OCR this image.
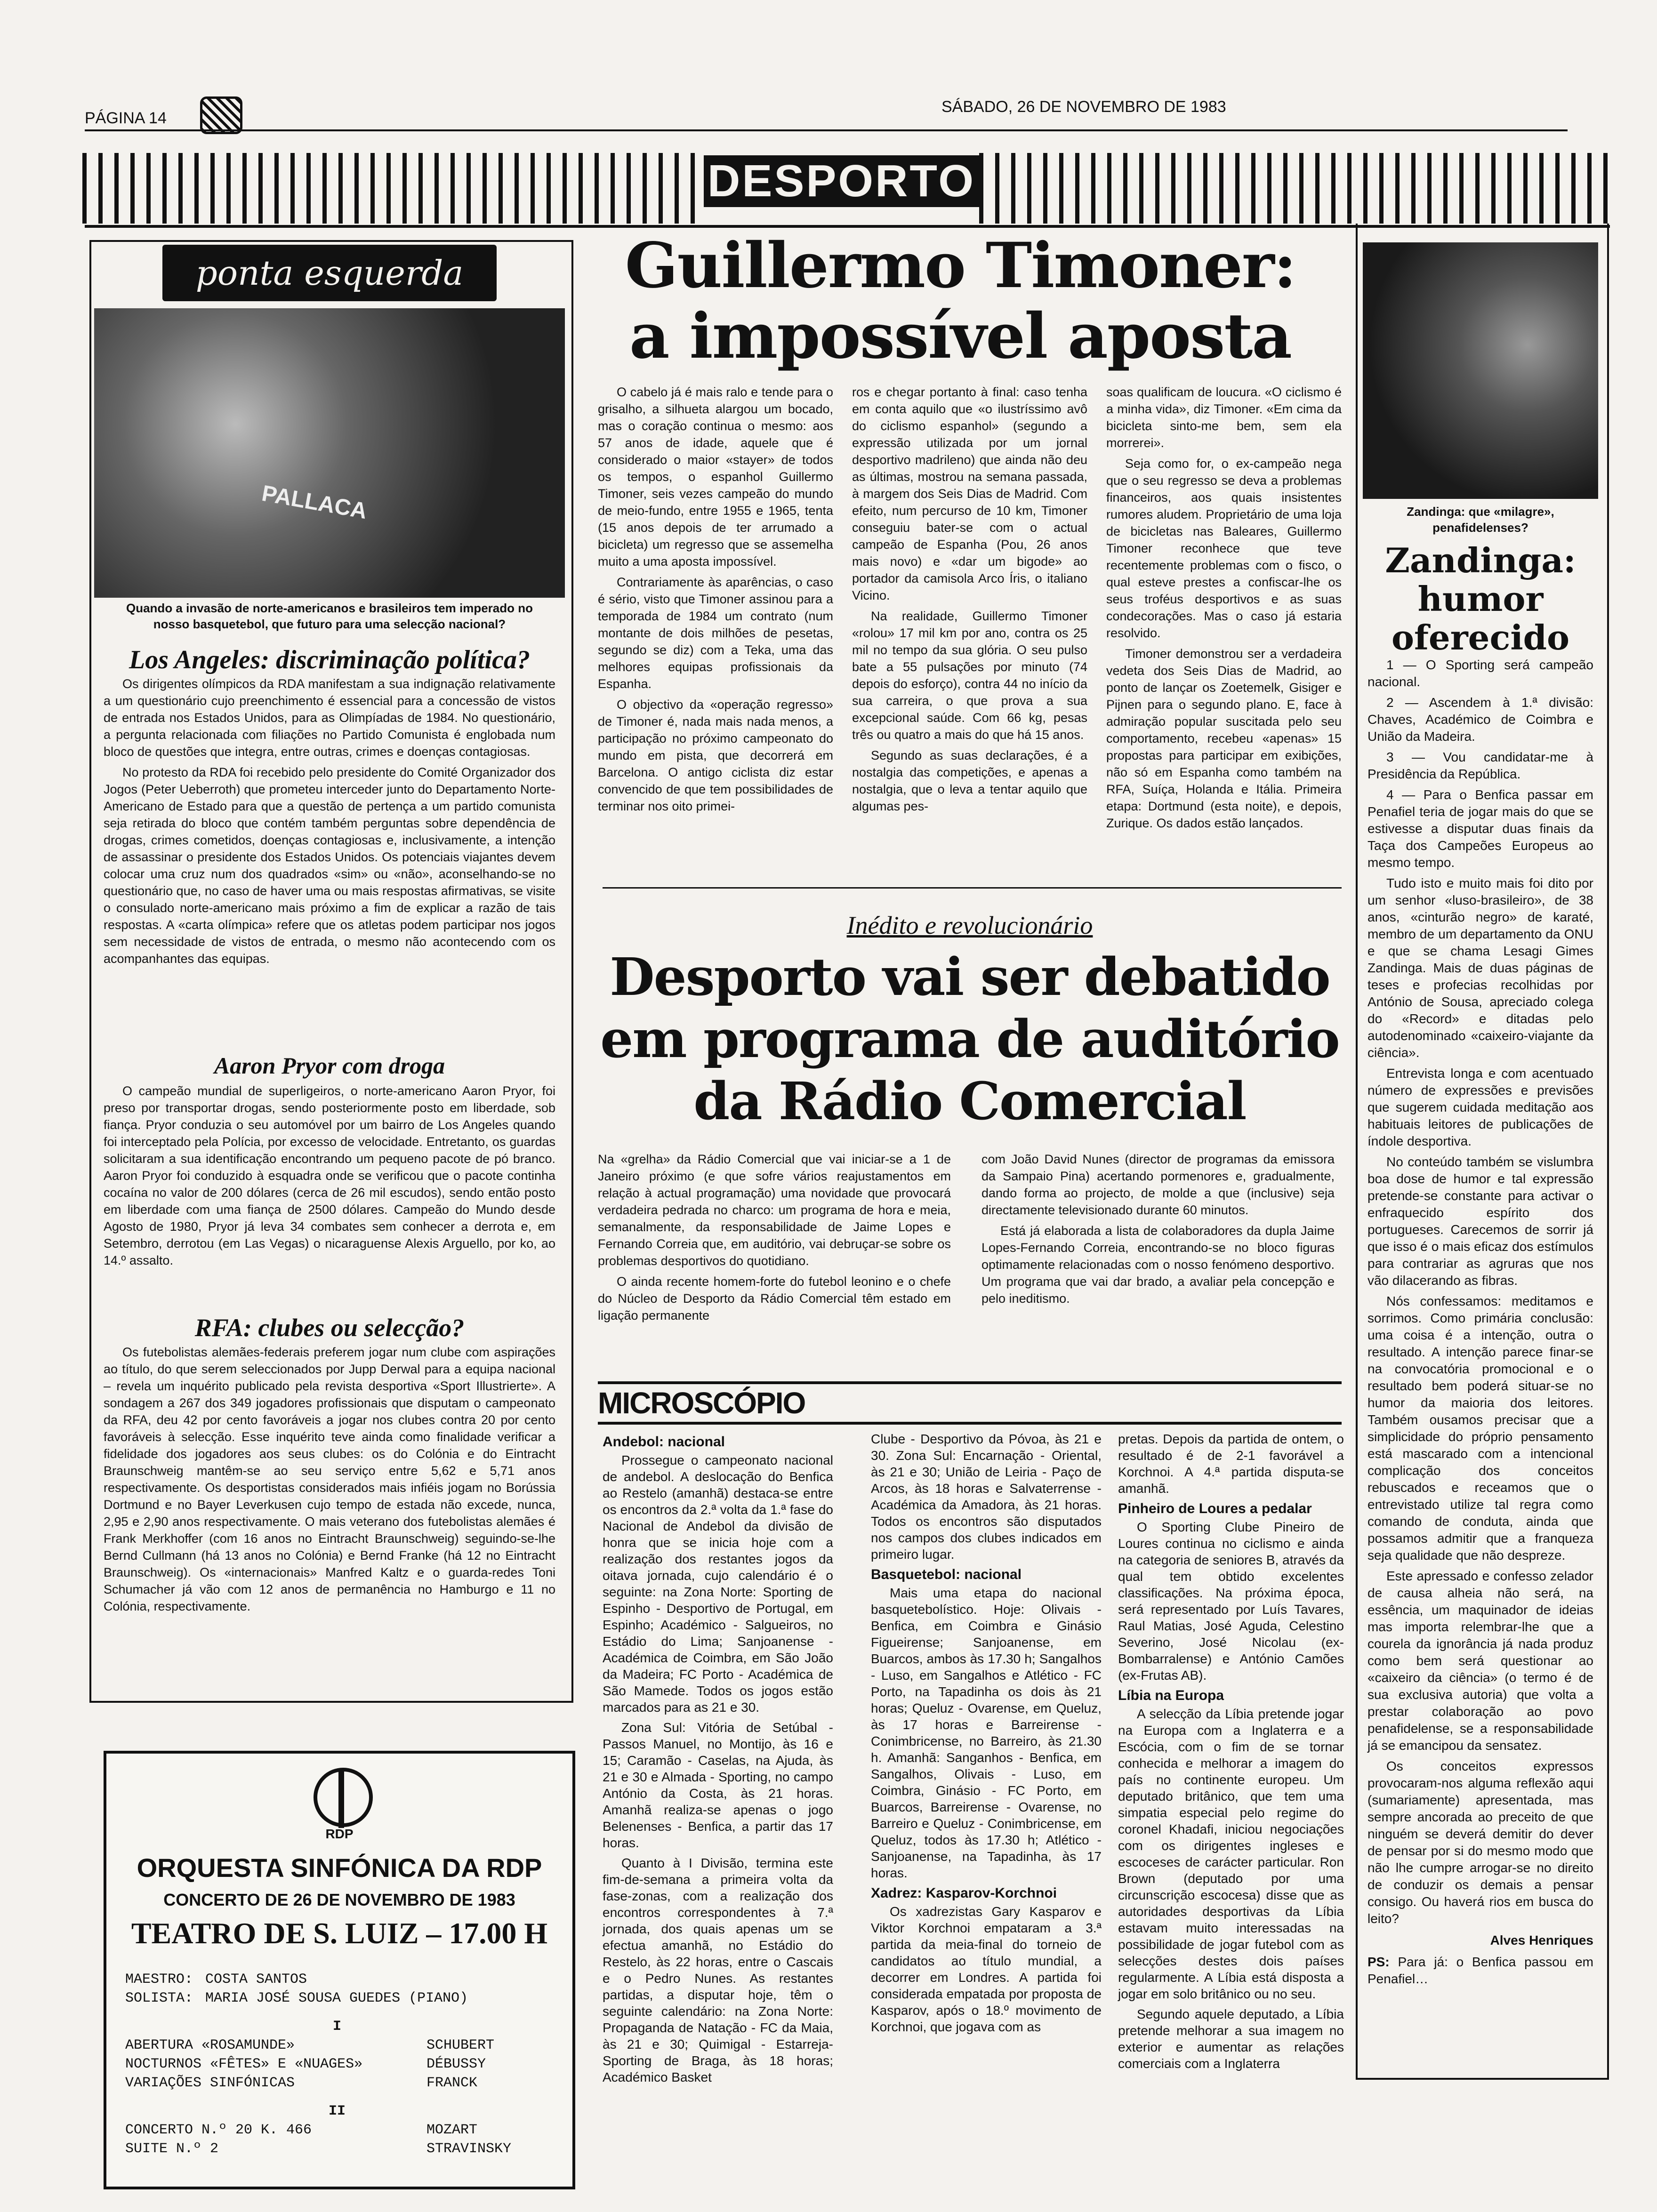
PÁGINA 14
SÁBADO, 26 DE NOVEMBRO DE 1983
DESPORTO
ponta esquerda
PALLACA
Quando a invasão de norte-americanos e brasileiros tem imperado no nosso basquetebol, que futuro para uma selecção nacional?
Los Angeles: discriminação política?

Os dirigentes olímpicos da RDA manifestam a sua indignação relativamente a um questionário cujo preenchimento é essencial para a concessão de vistos de entrada nos Estados Unidos, para as Olimpíadas de 1984. No questionário, a pergunta relacionada com filiações no Partido Comunista é englobada num bloco de questões que integra, entre outras, crimes e doenças contagiosas.

No protesto da RDA foi recebido pelo presidente do Comité Organizador dos Jogos (Peter Ueberroth) que prometeu interceder junto do Departamento Norte-Americano de Estado para que a questão de pertença a um partido comunista seja retirada do bloco que contém também perguntas sobre dependência de drogas, crimes cometidos, doenças contagiosas e, inclusivamente, a intenção de assassinar o presidente dos Estados Unidos. Os potenciais viajantes devem colocar uma cruz num dos quadrados «sim» ou «não», aconselhando-se no questionário que, no caso de haver uma ou mais respostas afirmativas, se visite o consulado norte-americano mais próximo a fim de explicar a razão de tais respostas. A «carta olímpica» refere que os atletas podem participar nos jogos sem necessidade de vistos de entrada, o mesmo não acontecendo com os acompanhantes das equipas.

Aaron Pryor com droga

O campeão mundial de superligeiros, o norte-americano Aaron Pryor, foi preso por transportar drogas, sendo posteriormente posto em liberdade, sob fiança. Pryor conduzia o seu automóvel por um bairro de Los Angeles quando foi interceptado pela Polícia, por excesso de velocidade. Entretanto, os guardas solicitaram a sua identificação encontrando um pequeno pacote de pó branco. Aaron Pryor foi conduzido à esquadra onde se verificou que o pacote continha cocaína no valor de 200 dólares (cerca de 26 mil escudos), sendo então posto em liberdade com uma fiança de 2500 dólares. Campeão do Mundo desde Agosto de 1980, Pryor já leva 34 combates sem conhecer a derrota e, em Setembro, derrotou (em Las Vegas) o nicaraguense Alexis Arguello, por ko, ao 14.º assalto.

RFA: clubes ou selecção?

Os futebolistas alemães-federais preferem jogar num clube com aspirações ao título, do que serem seleccionados por Jupp Derwal para a equipa nacional – revela um inquérito publicado pela revista desportiva «Sport Illustrierte». A sondagem a 267 dos 349 jogadores profissionais que disputam o campeonato da RFA, deu 42 por cento favoráveis a jogar nos clubes contra 20 por cento favoráveis à selecção. Esse inquérito teve ainda como finalidade verificar a fidelidade dos jogadores aos seus clubes: os do Colónia e do Eintracht Braunschweig mantêm-se ao seu serviço entre 5,62 e 5,71 anos respectivamente. Os desportistas considerados mais infiéis jogam no Borússia Dortmund e no Bayer Leverkusen cujo tempo de estada não excede, nunca, 2,95 e 2,90 anos respectivamente. O mais veterano dos futebolistas alemães é Frank Merkhoffer (com 16 anos no Eintracht Braunschweig) seguindo-se-lhe Bernd Cullmann (há 13 anos no Colónia) e Bernd Franke (há 12 no Eintracht Braunschweig). Os «internacionais» Manfred Kaltz e o guarda-redes Toni Schumacher já vão com 12 anos de permanência no Hamburgo e 11 no Colónia, respectivamente.

RDP
ORQUESTA SINFÓNICA DA RDP
CONCERTO DE 26 DE NOVEMBRO DE 1983
TEATRO DE S. LUIZ – 17.00 H
MAESTRO: COSTA SANTOS
SOLISTA: MARIA JOSÉ SOUSA GUEDES (PIANO)
I
ABERTURA «ROSAMUNDE»	SCHUBERT
NOCTURNOS «FÊTES» E «NUAGES»	DÉBUSSY
VARIAÇÕES SINFÓNICAS	FRANCK
II
CONCERTO N.º 20 K. 466	MOZART
SUITE N.º 2	STRAVINSKY
Guillermo Timoner:
a impossível aposta

O cabelo já é mais ralo e tende para o grisalho, a silhueta alargou um bocado, mas o coração continua o mesmo: aos 57 anos de idade, aquele que é considerado o maior «stayer» de todos os tempos, o espanhol Guillermo Timoner, seis vezes campeão do mundo de meio-fundo, entre 1955 e 1965, tenta (15 anos depois de ter arrumado a bicicleta) um regresso que se assemelha muito a uma aposta impossível.

Contrariamente às aparências, o caso é sério, visto que Timoner assinou para a temporada de 1984 um contrato (num montante de dois milhões de pesetas, segundo se diz) com a Teka, uma das melhores equipas profissionais da Espanha.

O objectivo da «operação regresso» de Timoner é, nada mais nada menos, a participação no próximo campeonato do mundo em pista, que decorrerá em Barcelona. O antigo ciclista diz estar convencido de que tem possibilidades de terminar nos oito primei-

ros e chegar portanto à final: caso tenha em conta aquilo que «o ilustríssimo avô do ciclismo espanhol» (segundo a expressão utilizada por um jornal desportivo madrileno) que ainda não deu as últimas, mostrou na semana passada, à margem dos Seis Dias de Madrid. Com efeito, num percurso de 10 km, Timoner conseguiu bater-se com o actual campeão de Espanha (Pou, 26 anos mais novo) e «dar um bigode» ao portador da camisola Arco Íris, o italiano Vicino.

Na realidade, Guillermo Timoner «rolou» 17 mil km por ano, contra os 25 mil no tempo da sua glória. O seu pulso bate a 55 pulsações por minuto (74 depois do esforço), contra 44 no início da sua carreira, o que prova a sua excepcional saúde. Com 66 kg, pesas três ou quatro a mais do que há 15 anos.

Segundo as suas declarações, é a nostalgia das competições, e apenas a nostalgia, que o leva a tentar aquilo que algumas pes-

soas qualificam de loucura. «O ciclismo é a minha vida», diz Timoner. «Em cima da bicicleta sinto-me bem, sem ela morrerei».

Seja como for, o ex-campeão nega que o seu regresso se deva a problemas financeiros, aos quais insistentes rumores aludem. Proprietário de uma loja de bicicletas nas Baleares, Guillermo Timoner reconhece que teve recentemente problemas com o fisco, o qual esteve prestes a confiscar-lhe os seus troféus desportivos e as suas condecorações. Mas o caso já estaria resolvido.

Timoner demonstrou ser a verdadeira vedeta dos Seis Dias de Madrid, ao ponto de lançar os Zoetemelk, Gisiger e Pijnen para o segundo plano. E, face à admiração popular suscitada pelo seu comportamento, recebeu «apenas» 15 propostas para participar em exibições, não só em Espanha como também na RFA, Suíça, Holanda e Itália. Primeira etapa: Dortmund (esta noite), e depois, Zurique. Os dados estão lançados.

Inédito e revolucionário
Desporto vai ser debatido
em programa de auditório
da Rádio Comercial

Na «grelha» da Rádio Comercial que vai iniciar-se a 1 de Janeiro próximo (e que sofre vários reajustamentos em relação à actual programação) uma novidade que provocará verdadeira pedrada no charco: um programa de hora e meia, semanalmente, da responsabilidade de Jaime Lopes e Fernando Correia que, em auditório, vai debruçar-se sobre os problemas desportivos do quotidiano.

O ainda recente homem-forte do futebol leonino e o chefe do Núcleo de Desporto da Rádio Comercial têm estado em ligação permanente

com João David Nunes (director de programas da emissora da Sampaio Pina) acertando pormenores e, gradualmente, dando forma ao projecto, de molde a que (inclusive) seja directamente televisionado durante 60 minutos.

Está já elaborada a lista de colaboradores da dupla Jaime Lopes-Fernando Correia, encontrando-se no bloco figuras optimamente relacionadas com o nosso fenómeno desportivo. Um programa que vai dar brado, a avaliar pela concepção e pelo ineditismo.

MICROSCÓPIO
Andebol: nacional

Prossegue o campeonato nacional de andebol. A deslocação do Benfica ao Restelo (amanhã) destaca-se entre os encontros da 2.ª volta da 1.ª fase do Nacional de Andebol da divisão de honra que se inicia hoje com a realização dos restantes jogos da oitava jornada, cujo calendário é o seguinte: na Zona Norte: Sporting de Espinho - Desportivo de Portugal, em Espinho; Académico - Salgueiros, no Estádio do Lima; Sanjoanense - Académica de Coimbra, em São João da Madeira; FC Porto - Académica de São Mamede. Todos os jogos estão marcados para as 21 e 30.

Zona Sul: Vitória de Setúbal - Passos Manuel, no Montijo, às 16 e 15; Caramão - Caselas, na Ajuda, às 21 e 30 e Almada - Sporting, no campo António da Costa, às 21 horas. Amanhã realiza-se apenas o jogo Belenenses - Benfica, a partir das 17 horas.

Quanto à I Divisão, termina este fim-de-semana a primeira volta da fase-zonas, com a realização dos encontros correspondentes à 7.ª jornada, dos quais apenas um se efectua amanhã, no Estádio do Restelo, às 22 horas, entre o Cascais e o Pedro Nunes. As restantes partidas, a disputar hoje, têm o seguinte calendário: na Zona Norte: Propaganda de Natação - FC da Maia, às 21 e 30; Quimigal - Estarreja-Sporting de Braga, às 18 horas; Académico Basket

Clube - Desportivo da Póvoa, às 21 e 30. Zona Sul: Encarnação - Oriental, às 21 e 30; União de Leiria - Paço de Arcos, às 18 horas e Salvaterrense - Académica da Amadora, às 21 horas. Todos os encontros são disputados nos campos dos clubes indicados em primeiro lugar.

Basquetebol: nacional

Mais uma etapa do nacional basquetebolístico. Hoje: Olivais - Benfica, em Coimbra e Ginásio Figueirense; Sanjoanense, em Buarcos, ambos às 17.30 h; Sangalhos - Luso, em Sangalhos e Atlético - FC Porto, na Tapadinha os dois às 21 horas; Queluz - Ovarense, em Queluz, às 17 horas e Barreirense - Conimbricense, no Barreiro, às 21.30 h. Amanhã: Sanganhos - Benfica, em Sangalhos, Olivais - Luso, em Coimbra, Ginásio - FC Porto, em Buarcos, Barreirense - Ovarense, no Barreiro e Queluz - Conimbricense, em Queluz, todos às 17.30 h; Atlético - Sanjoanense, na Tapadinha, às 17 horas.

Xadrez: Kasparov-Korchnoi

Os xadrezistas Gary Kasparov e Viktor Korchnoi empataram a 3.ª partida da meia-final do torneio de candidatos ao título mundial, a decorrer em Londres. A partida foi considerada empatada por proposta de Kasparov, após o 18.º movimento de Korchnoi, que jogava com as

pretas. Depois da partida de ontem, o resultado é de 2-1 favorável a Korchnoi. A 4.ª partida disputa-se amanhã.

Pinheiro de Loures a pedalar

O Sporting Clube Pineiro de Loures continua no ciclismo e ainda na categoria de seniores B, através da qual tem obtido excelentes classificações. Na próxima época, será representado por Luís Tavares, Raul Matias, José Aguda, Celestino Severino, José Nicolau (ex-Bombarralense) e António Camões (ex-Frutas AB).

Líbia na Europa

A selecção da Líbia pretende jogar na Europa com a Inglaterra e a Escócia, com o fim de se tornar conhecida e melhorar a imagem do país no continente europeu. Um deputado britânico, que tem uma simpatia especial pelo regime do coronel Khadafi, iniciou negociações com os dirigentes ingleses e escoceses de carácter particular. Ron Brown (deputado por uma circunscrição escocesa) disse que as autoridades desportivas da Líbia estavam muito interessadas na possibilidade de jogar futebol com as selecções destes dois países regularmente. A Líbia está disposta a jogar em solo britânico ou no seu.

Segundo aquele deputado, a Líbia pretende melhorar a sua imagem no exterior e aumentar as relações comerciais com a Inglaterra

Zandinga: que «milagre», penafidelenses?
Zandinga:
humor
oferecido

1 — O Sporting será campeão nacional.

2 — Ascendem à 1.ª divisão: Chaves, Académico de Coimbra e União da Madeira.

3 — Vou candidatar-me à Presidência da República.

4 — Para o Benfica passar em Penafiel teria de jogar mais do que se estivesse a disputar duas finais da Taça dos Campeões Europeus ao mesmo tempo.

Tudo isto e muito mais foi dito por um senhor «luso-brasileiro», de 38 anos, «cinturão negro» de karaté, membro de um departamento da ONU e que se chama Lesagi Gimes Zandinga. Mais de duas páginas de teses e profecias recolhidas por António de Sousa, apreciado colega do «Record» e ditadas pelo autodenominado «caixeiro-viajante da ciência».

Entrevista longa e com acentuado número de expressões e previsões que sugerem cuidada meditação aos habituais leitores de publicações de índole desportiva.

No conteúdo também se vislumbra boa dose de humor e tal expressão pretende-se constante para activar o enfraquecido espírito dos portugueses. Carecemos de sorrir já que isso é o mais eficaz dos estímulos para contrariar as agruras que nos vão dilacerando as fibras.

Nós confessamos: meditamos e sorrimos. Como primária conclusão: uma coisa é a intenção, outra o resultado. A intenção parece finar-se na convocatória promocional e o resultado bem poderá situar-se no humor da maioria dos leitores. Também ousamos precisar que a simplicidade do próprio pensamento está mascarado com a intencional complicação dos conceitos rebuscados e receamos que o entrevistado utilize tal regra como comando de conduta, ainda que possamos admitir que a franqueza seja qualidade que não despreze.

Este apressado e confesso zelador de causa alheia não será, na essência, um maquinador de ideias mas importa relembrar-lhe que a courela da ignorância já nada produz como bem será questionar ao «caixeiro da ciência» (o termo é de sua exclusiva autoria) que volta a prestar colaboração ao povo penafidelense, se a responsabilidade já se emancipou da sensatez.

Os conceitos expressos provocaram-nos alguma reflexão aqui (sumariamente) apresentada, mas sempre ancorada ao preceito de que ninguém se deverá demitir do dever de pensar por si do mesmo modo que não lhe cumpre arrogar-se no direito de conduzir os demais a pensar consigo. Ou haverá rios em busca do leito?

Alves Henriques
PS: Para já: o Benfica passou em Penafiel…
